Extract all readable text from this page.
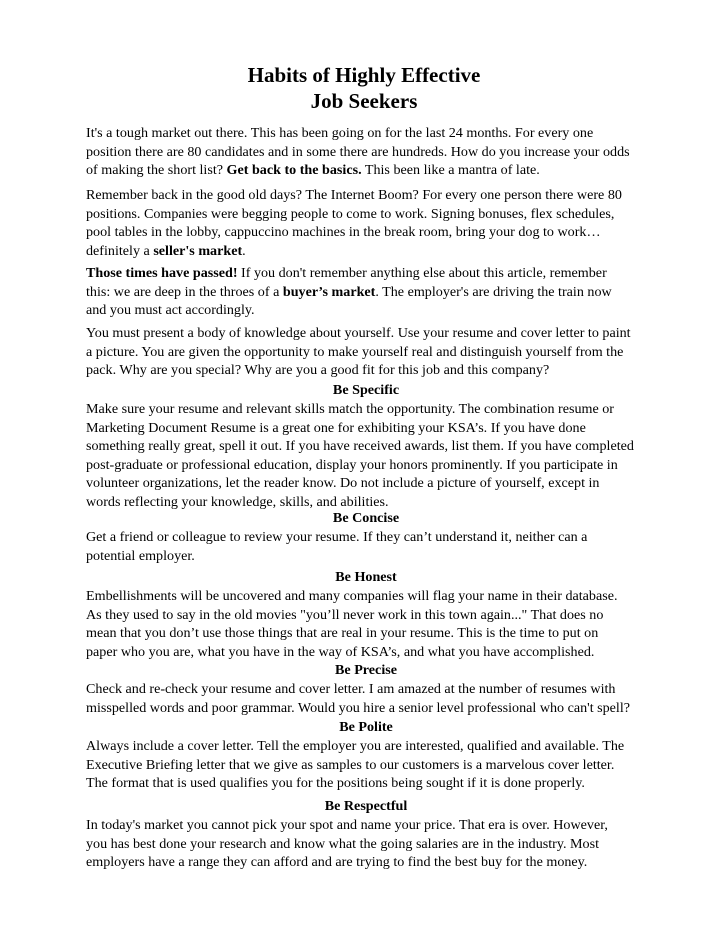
Habits of Highly Effective
Job Seekers
It's a tough market out there. This has been going on for the last 24 months. For every one
position there are 80 candidates and in some there are hundreds. How do you increase your odds
of making the short list? Get back to the basics. This been like a mantra of late.
Remember back in the good old days? The Internet Boom? For every one person there were 80
positions. Companies were begging people to come to work. Signing bonuses, flex schedules,
pool tables in the lobby, cappuccino machines in the break room, bring your dog to work…
definitely a seller's market.
Those times have passed! If you don't remember anything else about this article, remember
this: we are deep in the throes of a buyer’s market. The employer's are driving the train now
and you must act accordingly.
You must present a body of knowledge about yourself. Use your resume and cover letter to paint
a picture. You are given the opportunity to make yourself real and distinguish yourself from the
pack. Why are you special? Why are you a good fit for this job and this company?
Be Specific
Make sure your resume and relevant skills match the opportunity. The combination resume or
Marketing Document Resume is a great one for exhibiting your KSA’s. If you have done
something really great, spell it out. If you have received awards, list them. If you have completed
post-graduate or professional education, display your honors prominently. If you participate in
volunteer organizations, let the reader know. Do not include a picture of yourself, except in
words reflecting your knowledge, skills, and abilities.
Be Concise
Get a friend or colleague to review your resume. If they can’t understand it, neither can a
potential employer.
Be Honest
Embellishments will be uncovered and many companies will flag your name in their database.
As they used to say in the old movies "you’ll never work in this town again..." That does no
mean that you don’t use those things that are real in your resume. This is the time to put on
paper who you are, what you have in the way of KSA’s, and what you have accomplished.
Be Precise
Check and re-check your resume and cover letter. I am amazed at the number of resumes with
misspelled words and poor grammar. Would you hire a senior level professional who can't spell?
Be Polite
Always include a cover letter. Tell the employer you are interested, qualified and available. The
Executive Briefing letter that we give as samples to our customers is a marvelous cover letter.
The format that is used qualifies you for the positions being sought if it is done properly.
Be Respectful
In today's market you cannot pick your spot and name your price. That era is over. However,
you has best done your research and know what the going salaries are in the industry. Most
employers have a range they can afford and are trying to find the best buy for the money.
